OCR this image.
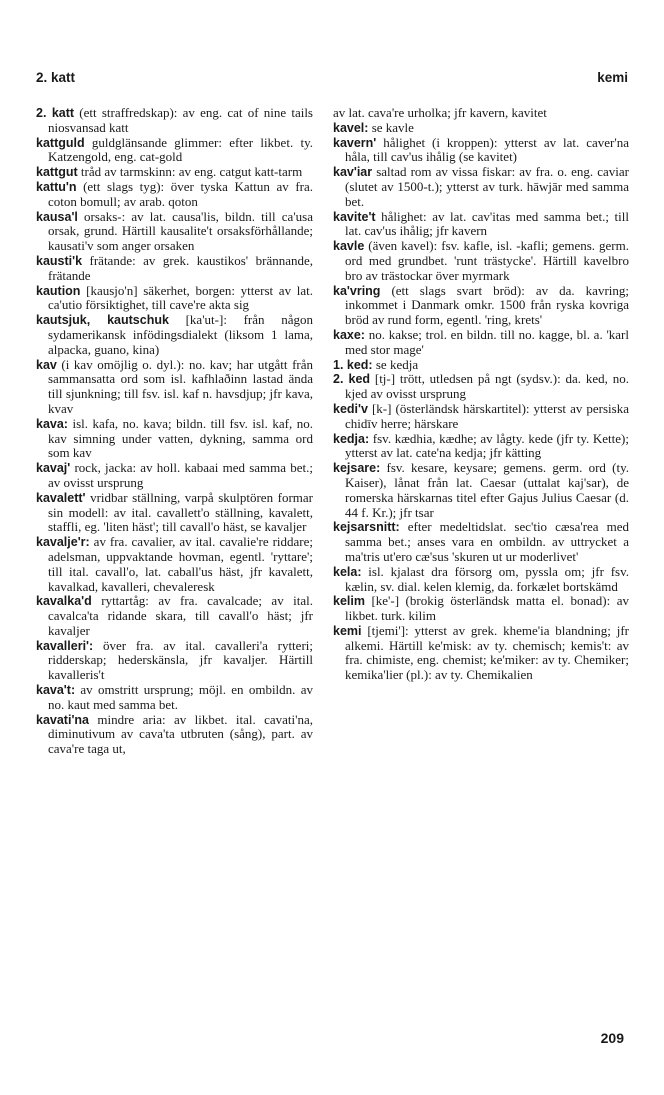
2. katt	kemi

2. katt (ett straffredskap): av eng. cat of nine tails niosvansad katt

kattguld guldglänsande glimmer: efter likbet. ty. Katzengold, eng. cat-gold

kattgut tråd av tarmskinn: av eng. catgut katt-tarm

kattu'n (ett slags tyg): över tyska Kattun av fra. coton bomull; av arab. qoton

kausa'l orsaks-: av lat. causa'lis, bildn. till ca'usa orsak, grund. Härtill kausalite't orsaksförhållande; kausati'v som anger orsaken

kausti'k frätande: av grek. kaustikos' brännande, frätande

kaution [kausjo'n] säkerhet, borgen: ytterst av lat. ca'utio försiktighet, till cave're akta sig

kautsjuk, kautschuk [ka'ut-]: från någon sydamerikansk infödingsdialekt (liksom 1 lama, alpacka, guano, kina)

kav (i kav omöjlig o. dyl.): no. kav; har utgått från sammansatta ord som isl. kafhlaðinn lastad ända till sjunkning; till fsv. isl. kaf n. havsdjup; jfr kava, kvav

kava: isl. kafa, no. kava; bildn. till fsv. isl. kaf, no. kav simning under vatten, dykning, samma ord som kav

kavaj' rock, jacka: av holl. kabaai med samma bet.; av ovisst ursprung

kavalett' vridbar ställning, varpå skulptören formar sin modell: av ital. cavallett'o ställning, kavalett, staffli, eg. 'liten häst'; till cavall'o häst, se kavaljer

kavalje'r: av fra. cavalier, av ital. cavalie're riddare; adelsman, uppvaktande hovman, egentl. 'ryttare'; till ital. cavall'o, lat. caball'us häst, jfr kavalett, kavalkad, kavalleri, chevaleresk

kavalka'd ryttartåg: av fra. cavalcade; av ital. cavalca'ta ridande skara, till cavall'o häst; jfr kavaljer

kavalleri': över fra. av ital. cavalleri'a rytteri; ridderskap; hederskänsla, jfr kavaljer. Härtill kavalleris't

kava't: av omstritt ursprung; möjl. en ombildn. av no. kaut med samma bet.

kavati'na mindre aria: av likbet. ital. cavati'na, diminutivum av cava'ta utbruten (sång), part. av cava're taga ut,

av lat. cava're urholka; jfr kavern, kavitet

kavel: se kavle

kavern' hålighet (i kroppen): ytterst av lat. caver'na håla, till cav'us ihålig (se kavitet)

kav'iar saltad rom av vissa fiskar: av fra. o. eng. caviar (slutet av 1500-t.); ytterst av turk. hāwjār med samma bet.

kavite't hålighet: av lat. cav'itas med samma bet.; till lat. cav'us ihålig; jfr kavern

kavle (även kavel): fsv. kafle, isl. -kafli; gemens. germ. ord med grundbet. 'runt trästycke'. Härtill kavelbro bro av trästockar över myrmark

ka'vring (ett slags svart bröd): av da. kavring; inkommet i Danmark omkr. 1500 från ryska kovriga bröd av rund form, egentl. 'ring, krets'

kaxe: no. kakse; trol. en bildn. till no. kagge, bl. a. 'karl med stor mage'

1. ked: se kedja

2. ked [tj-] trött, utledsen på ngt (sydsv.): da. ked, no. kjed av ovisst ursprung

kedi'v [k-] (österländsk härskartitel): ytterst av persiska chidīv herre; härskare

kedja: fsv. kædhia, kædhe; av lågty. kede (jfr ty. Kette); ytterst av lat. cate'na kedja; jfr kätting

kejsare: fsv. kesare, keysare; gemens. germ. ord (ty. Kaiser), lånat från lat. Caesar (uttalat kaj'sar), de romerska härskarnas titel efter Gajus Julius Caesar (d. 44 f. Kr.); jfr tsar

kejsarsnitt: efter medeltidslat. sec'tio cæsa'rea med samma bet.; anses vara en ombildn. av uttrycket a ma'tris ut'ero cæ'sus 'skuren ut ur moderlivet'

kela: isl. kjalast dra försorg om, pyssla om; jfr fsv. kælin, sv. dial. kelen klemig, da. forkælet bortskämd

kelim [ke'-] (brokig österländsk matta el. bonad): av likbet. turk. kilim

kemi [tjemi']: ytterst av grek. kheme'ia blandning; jfr alkemi. Härtill ke'misk: av ty. chemisch; kemis't: av fra. chimiste, eng. chemist; ke'miker: av ty. Chemiker; kemika'lier (pl.): av ty. Chemikalien

209
